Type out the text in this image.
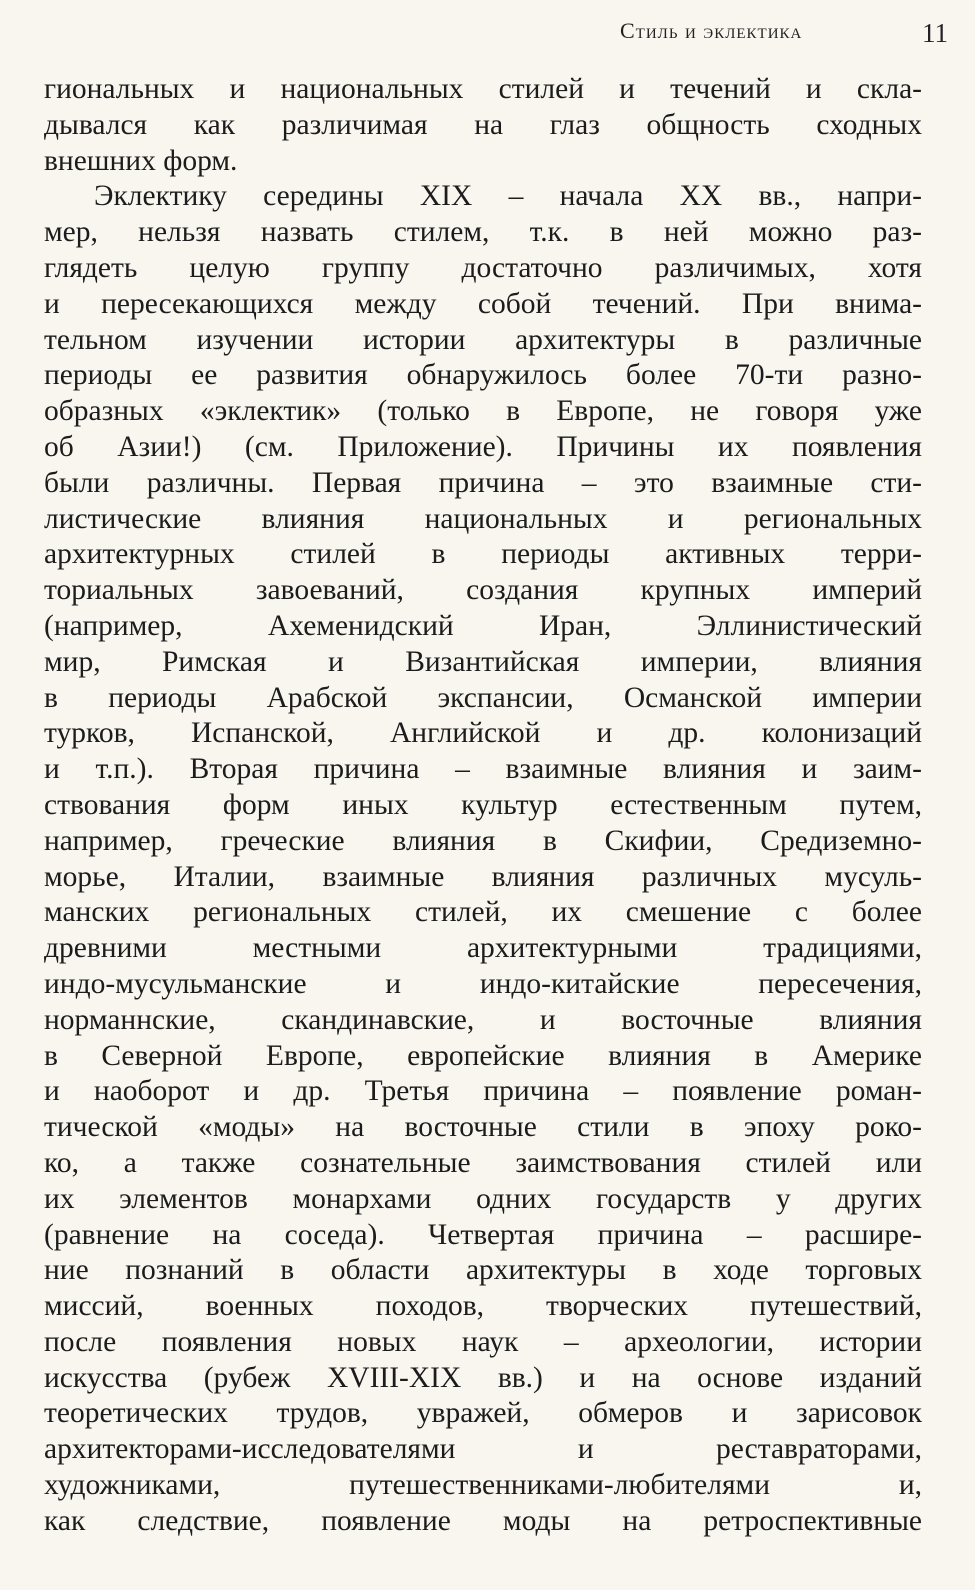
Стиль и эклектика	11
гиональных и национальных стилей и течений и скла-
дывался как различимая на глаз общность сходных
внешних форм.
Эклектику середины XIX – начала XX вв., напри-
мер, нельзя назвать стилем, т.к. в ней можно раз-
глядеть целую группу достаточно различимых, хотя
и пересекающихся между собой течений. При внима-
тельном изучении истории архитектуры в различные
периоды ее развития обнаружилось более 70-ти разно-
образных «эклектик» (только в Европе, не говоря уже
об Азии!) (см. Приложение). Причины их появления
были различны. Первая причина – это взаимные сти-
листические влияния национальных и региональных
архитектурных стилей в периоды активных терри-
ториальных завоеваний, создания крупных империй
(например, Ахеменидский Иран, Эллинистический
мир, Римская и Византийская империи, влияния
в периоды Арабской экспансии, Османской империи
турков, Испанской, Английской и др. колонизаций
и т.п.). Вторая причина – взаимные влияния и заим-
ствования форм иных культур естественным путем,
например, греческие влияния в Скифии, Средиземно-
морье, Италии, взаимные влияния различных мусуль-
манских региональных стилей, их смешение с более
древними местными архитектурными традициями,
индо-мусульманские и индо-китайские пересечения,
норманнские, скандинавские, и восточные влияния
в Северной Европе, европейские влияния в Америке
и наоборот и др. Третья причина – появление роман-
тической «моды» на восточные стили в эпоху роко-
ко, а также сознательные заимствования стилей или
их элементов монархами одних государств у других
(равнение на соседа). Четвертая причина – расшире-
ние познаний в области архитектуры в ходе торговых
миссий, военных походов, творческих путешествий,
после появления новых наук – археологии, истории
искусства (рубеж XVIII-XIX вв.) и на основе изданий
теоретических трудов, увражей, обмеров и зарисовок
архитекторами-исследователями и реставраторами,
художниками, путешественниками-любителями и,
как следствие, появление моды на ретроспективные
